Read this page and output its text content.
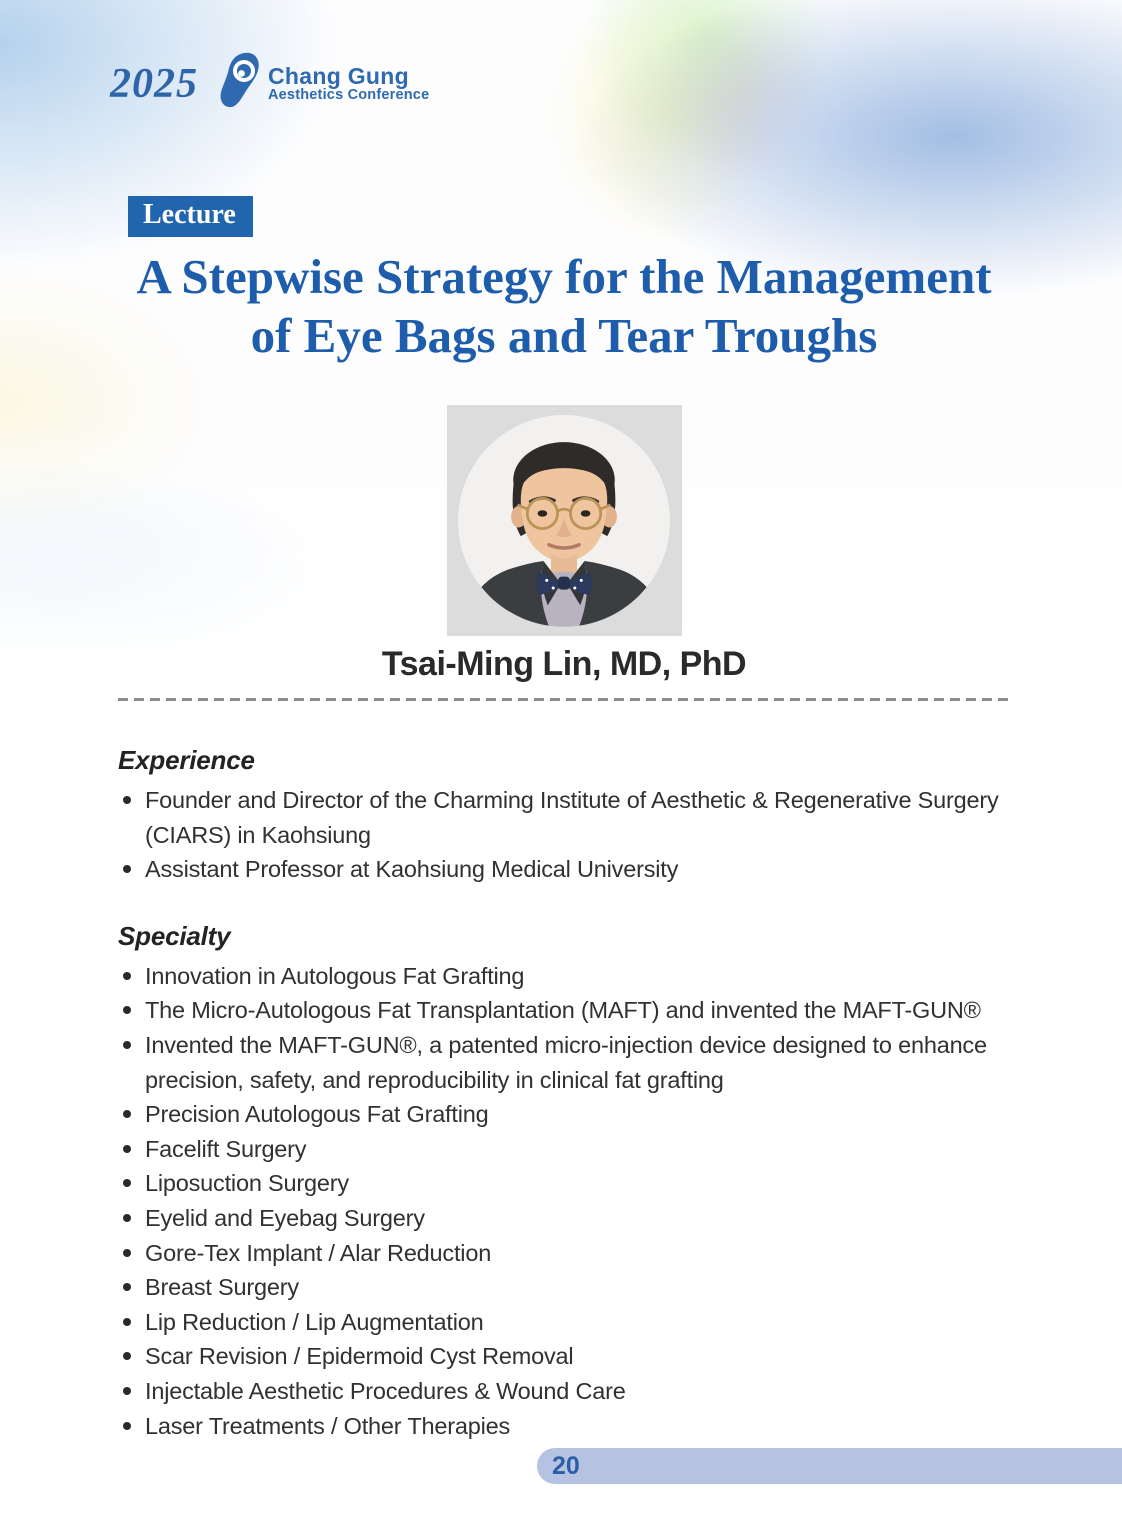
2025	Chang Gung
Aesthetics Conference
Lecture
A Stepwise Strategy for the Management
of Eye Bags and Tear Troughs
Tsai-Ming Lin, MD, PhD
Experience
Founder and Director of the Charming Institute of Aesthetic & Regenerative Surgery (CIARS) in Kaohsiung
Assistant Professor at Kaohsiung Medical University
Specialty
Innovation in Autologous Fat Grafting
The Micro-Autologous Fat Transplantation (MAFT) and invented the MAFT-GUN®
Invented the MAFT-GUN®, a patented micro-injection device designed to enhance precision, safety, and reproducibility in clinical fat grafting
Precision Autologous Fat Grafting
Facelift Surgery
Liposuction Surgery
Eyelid and Eyebag Surgery
Gore-Tex Implant / Alar Reduction
Breast Surgery
Lip Reduction / Lip Augmentation
Scar Revision / Epidermoid Cyst Removal
Injectable Aesthetic Procedures & Wound Care
Laser Treatments / Other Therapies
20
